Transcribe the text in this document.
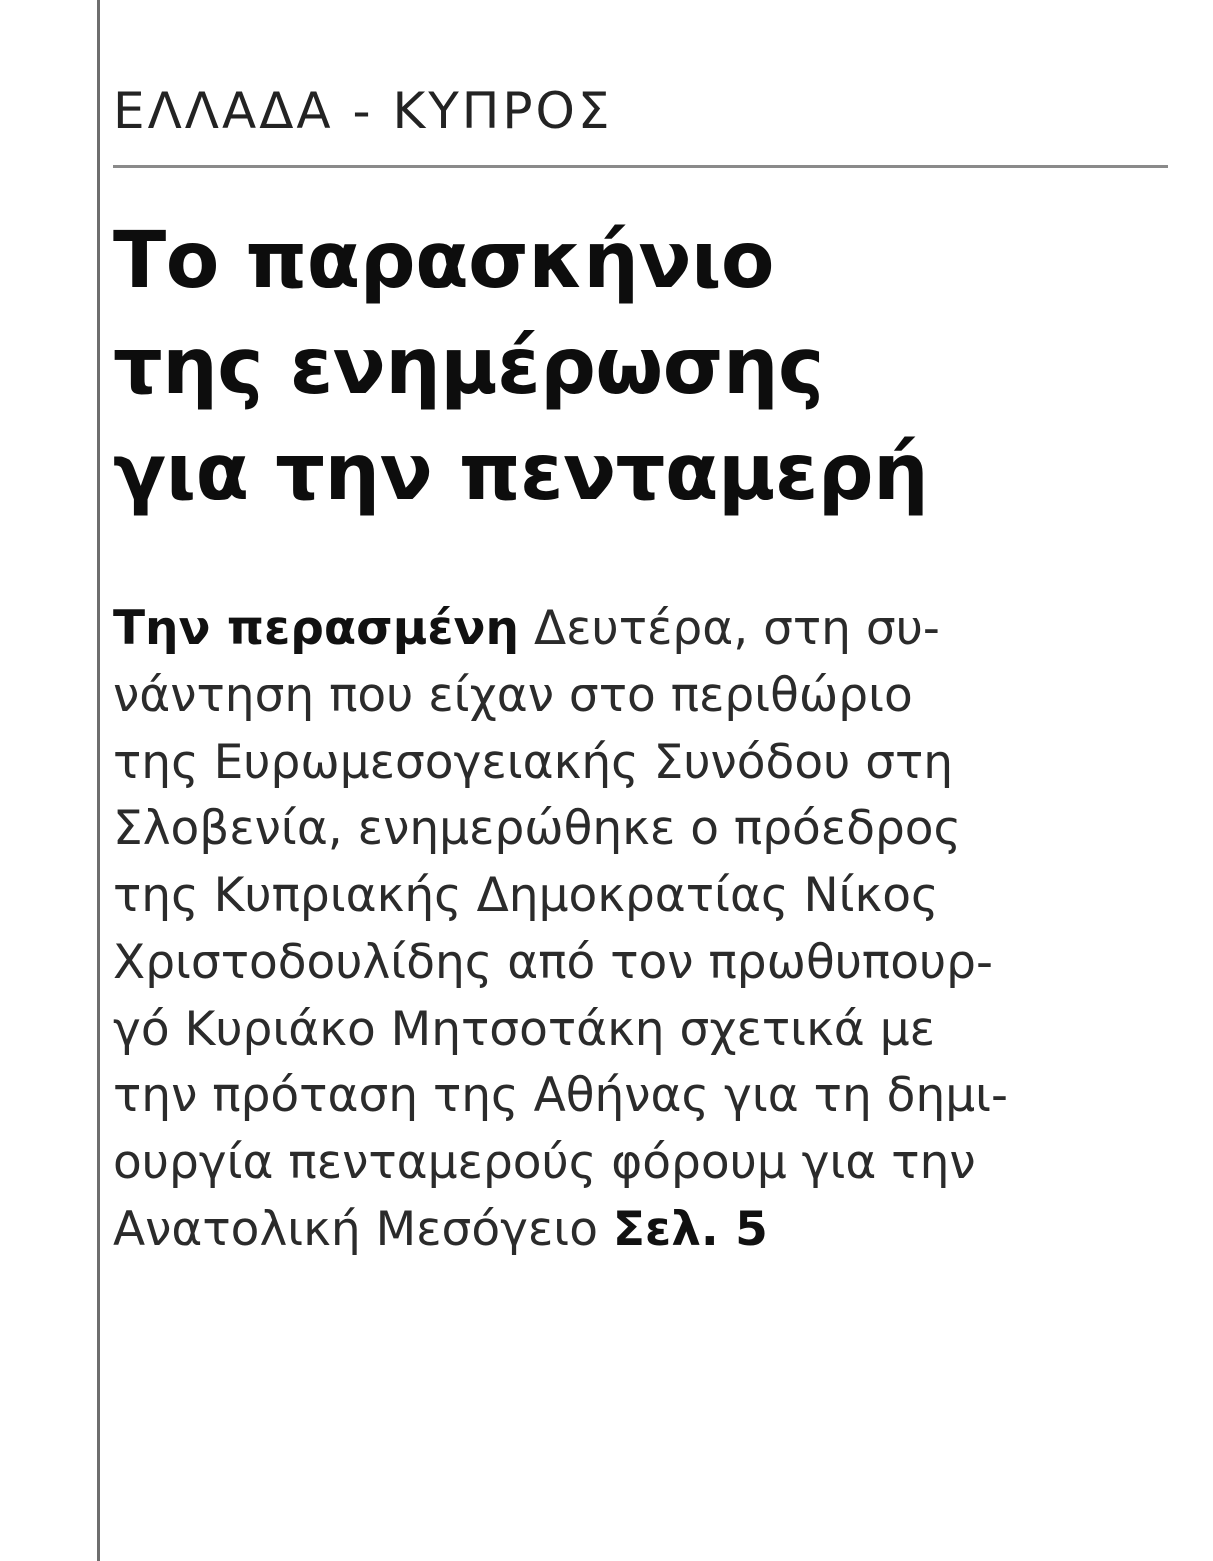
ΕΛΛΑΔΑ - ΚΥΠΡΟΣ
Το παρασκήνιο
της ενημέρωσης
για την πενταμερή
Την περασμένη Δευτέρα, στη συ-
νάντηση που είχαν στο περιθώριο
της Ευρωμεσογειακής Συνόδου στη
Σλοβενία, ενημερώθηκε ο πρόεδρος
της Κυπριακής Δημοκρατίας Νίκος
Χριστοδουλίδης από τον πρωθυπουρ-
γό Κυριάκο Μητσοτάκη σχετικά με
την πρόταση της Αθήνας για τη δημι-
ουργία πενταμερούς φόρουμ για την
Ανατολική Μεσόγειο Σελ. 5
